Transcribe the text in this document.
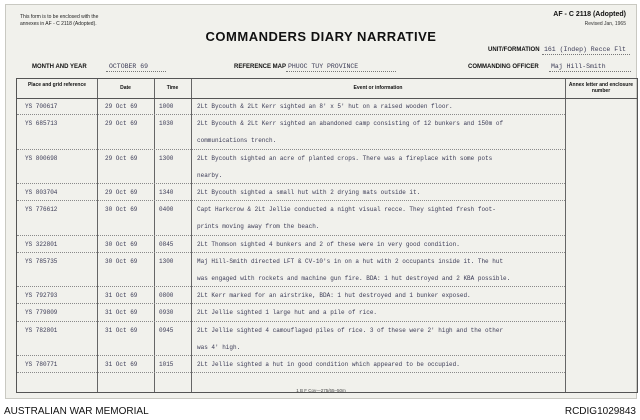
This form is to be enclosed with the
annexes in AF - C 2118 (Adopted).
COMMANDERS DIARY NARRATIVE
AF - C 2118 (Adopted)
Revised Jan, 1965
UNIT/FORMATION 161 (Indep) Recce Flt
MONTH AND YEAR	OCTOBER 69	REFERENCE MAP PHUOC TUY PROVINCE	COMMANDING OFFICER Maj Hill-Smith
Place and grid reference	Date	Time	Event or information	Annex letter and enclosure number
YS 700617	29 Oct 69	1000	2Lt Bycouth & 2Lt Kerr sighted an 8' x 5' hut on a raised wooden floor.
YS 685713	29 Oct 69	1030	2Lt Bycouth & 2Lt Kerr sighted an abandoned camp consisting of 12 bunkers and 150m of
communications trench.
YS 800698	29 Oct 69	1300	2Lt Bycouth sighted an acre of planted crops. There was a fireplace with some pots
nearby.
YS 803704	29 Oct 69	1340	2Lt Bycouth sighted a small hut with 2 drying mats outside it.
YS 776612	30 Oct 69	0400	Capt Harkcrow & 2Lt Jellie conducted a night visual recce. They sighted fresh foot-
prints moving away from the beach.
YS 322801	30 Oct 69	0845	2Lt Thomson sighted 4 bunkers and 2 of these were in very good condition.
YS 785735	30 Oct 69	1300	Maj Hill-Smith directed LFT & CV-10's in on a hut with 2 occupants inside it. The hut
was engaged with rockets and machine gun fire. BDA: 1 hut destroyed and 2 KBA possible.
YS 792793	31 Oct 69	0800	2Lt Kerr marked for an airstrike, BDA: 1 hut destroyed and 1 bunker exposed.
YS 779809	31 Oct 69	0930	2Lt Jellie sighted 1 large hut and a pile of rice.
YS 782801	31 Oct 69	0945	2Lt Jellie sighted 4 camouflaged piles of rice. 3 of these were 2' high and the other
was 4' high.
YS 780771	31 Oct 69	1015	2Lt Jellie sighted a hut in good condition which appeared to be occupied.
1 B F Coy—275/65–50m
AUSTRALIAN WAR MEMORIAL	RCDIG1029843
